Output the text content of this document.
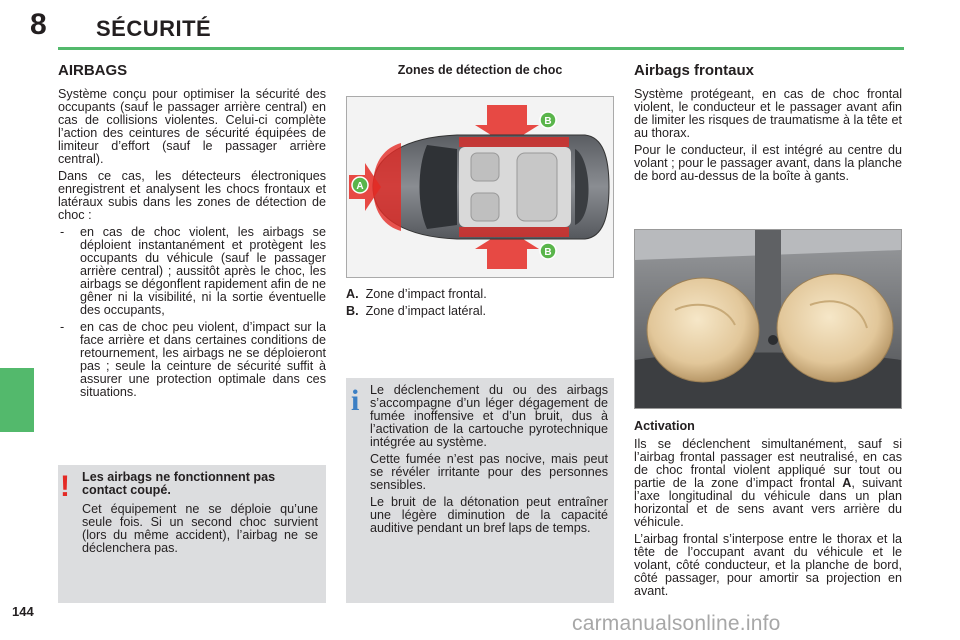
8 SÉCURITÉ
AIRBAGS

Système conçu pour optimiser la sécurité des occupants (sauf le passager arrière central) en cas de collisions violentes. Celui-ci complète l’action des ceintures de sécurité équipées de limiteur d’effort (sauf le passager arrière central).

Dans ce cas, les détecteurs électroniques enregistrent et analysent les chocs frontaux et latéraux subis dans les zones de détection de choc :

- en cas de choc violent, les airbags se déploient instantanément et protègent les occupants du véhicule (sauf le passager arrière central) ; aussitôt après le choc, les airbags se dégonflent rapidement afin de ne gêner ni la visibilité, ni la sortie éventuelle des occupants,

- en cas de choc peu violent, d’impact sur la face arrière et dans certaines conditions de retournement, les airbags ne se déploieront pas ; seule la ceinture de sécurité suffit à assurer une protection optimale dans ces situations.

! Les airbags ne fonctionnent pas contact coupé.

Cet équipement ne se déploie qu’une seule fois. Si un second choc survient (lors du même accident), l’airbag ne se déclenchera pas.

Zones de détection de choc
A
B
B

A. Zone d’impact frontal.

B. Zone d’impact latéral.

i Le déclenchement du ou des airbags s’accompagne d’un léger dégagement de fumée inoffensive et d’un bruit, dus à l’activation de la cartouche pyrotechnique intégrée au système.

Cette fumée n’est pas nocive, mais peut se révéler irritante pour des personnes sensibles.

Le bruit de la détonation peut entraîner une légère diminution de la capacité auditive pendant un bref laps de temps.

Airbags frontaux

Système protégeant, en cas de choc frontal violent, le conducteur et le passager avant afin de limiter les risques de traumatisme à la tête et au thorax.

Pour le conducteur, il est intégré au centre du volant ; pour le passager avant, dans la planche de bord au-dessus de la boîte à gants.

Activation

Ils se déclenchent simultanément, sauf si l’airbag frontal passager est neutralisé, en cas de choc frontal violent appliqué sur tout ou partie de la zone d’impact frontal A, suivant l’axe longitudinal du véhicule dans un plan horizontal et de sens avant vers arrière du véhicule.

L’airbag frontal s’interpose entre le thorax et la tête de l’occupant avant du véhicule et le volant, côté conducteur, et la planche de bord, côté passager, pour amortir sa projection en avant.

144
carmanualsonline.info
